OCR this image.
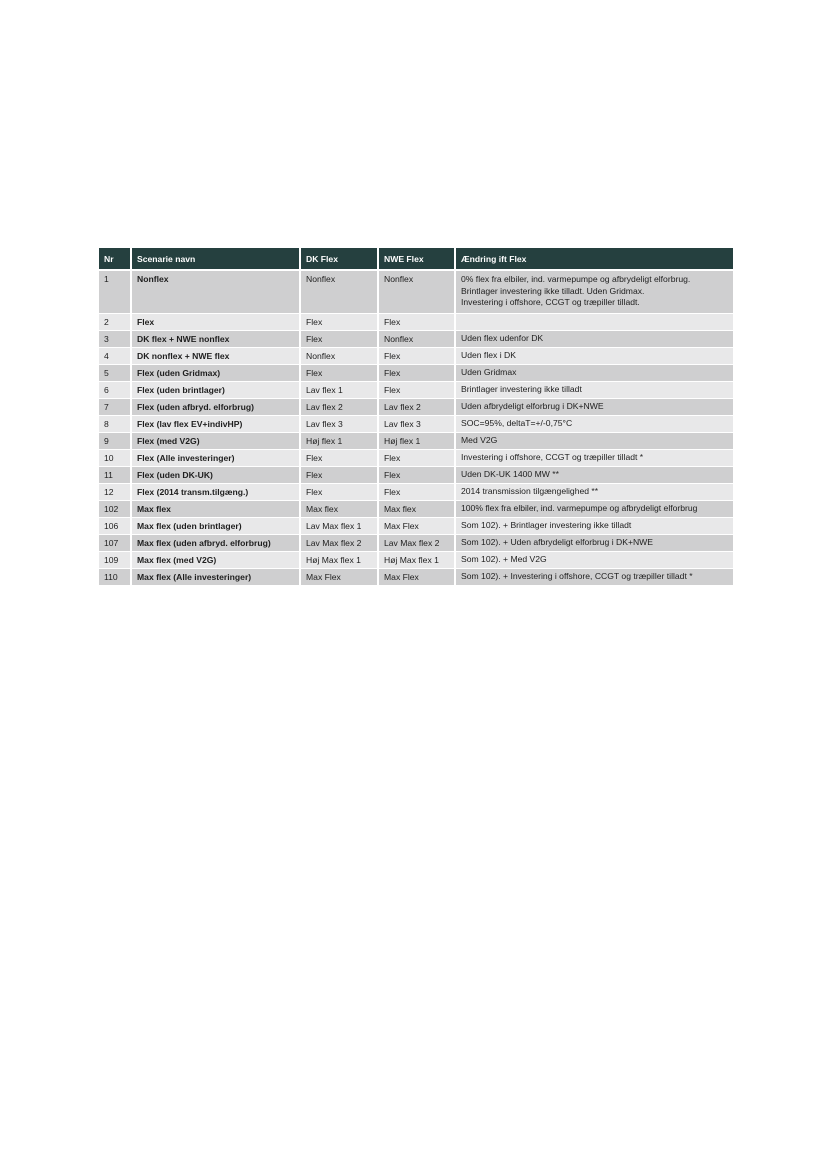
Nr	Scenarie navn	DK Flex	NWE Flex	Ændring ift Flex
1	Nonflex	Nonflex	Nonflex	0% flex fra elbiler, ind. varmepumpe og afbrydeligt elforbrug.
Brintlager investering ikke tilladt. Uden Gridmax.
Investering i offshore, CCGT og træpiller tilladt.
2	Flex	Flex	Flex	
3	DK flex + NWE nonflex	Flex	Nonflex	Uden flex udenfor DK
4	DK nonflex + NWE flex	Nonflex	Flex	Uden flex i DK
5	Flex (uden Gridmax)	Flex	Flex	Uden Gridmax
6	Flex (uden brintlager)	Lav flex 1	Flex	Brintlager investering ikke tilladt
7	Flex (uden afbryd. elforbrug)	Lav flex 2	Lav flex 2	Uden afbrydeligt elforbrug i DK+NWE
8	Flex (lav flex EV+indivHP)	Lav flex 3	Lav flex 3	SOC=95%, deltaT=+/-0,75°C
9	Flex (med V2G)	Høj flex 1	Høj flex 1	Med V2G
10	Flex (Alle investeringer)	Flex	Flex	Investering i offshore, CCGT og træpiller tilladt *
11	Flex (uden DK-UK)	Flex	Flex	Uden DK-UK 1400 MW **
12	Flex (2014 transm.tilgæng.)	Flex	Flex	2014 transmission tilgængelighed **
102	Max flex	Max flex	Max flex	100% flex fra elbiler, ind. varmepumpe og afbrydeligt elforbrug
106	Max flex (uden brintlager)	Lav Max flex 1	Max Flex	Som 102). + Brintlager investering ikke tilladt
107	Max flex (uden afbryd. elforbrug)	Lav Max flex 2	Lav Max flex 2	Som 102). + Uden afbrydeligt elforbrug i DK+NWE
109	Max flex (med V2G)	Høj Max flex 1	Høj Max flex 1	Som 102). + Med V2G
110	Max flex (Alle investeringer)	Max Flex	Max Flex	Som 102). + Investering i offshore, CCGT og træpiller tilladt *
